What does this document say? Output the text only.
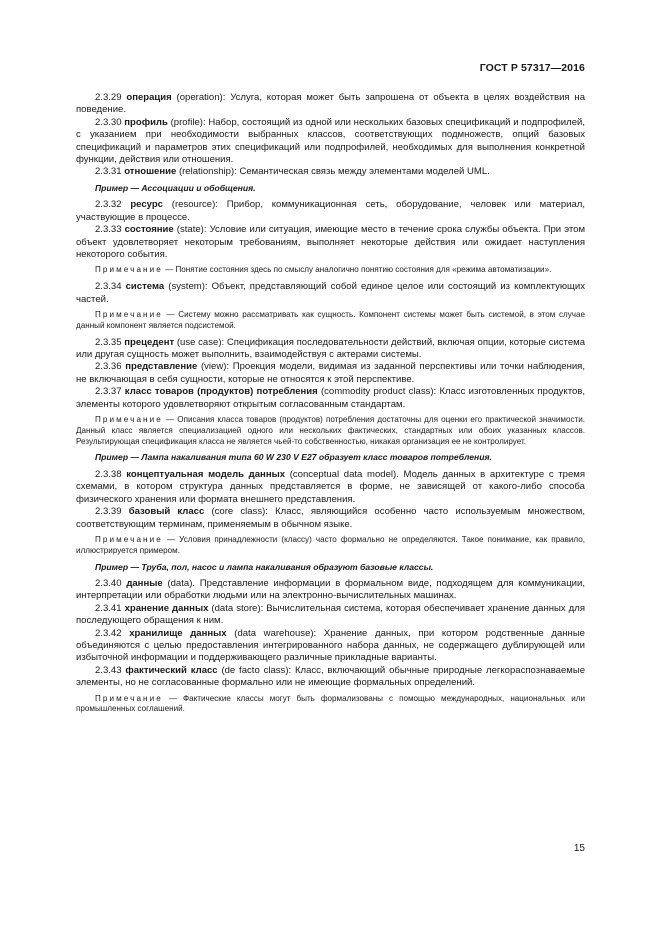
ГОСТ Р 57317—2016

2.3.29 операция (operation): Услуга, которая может быть запрошена от объекта в целях воздействия на поведение.

2.3.30 профиль (profile): Набор, состоящий из одной или нескольких базовых спецификаций и подпрофилей, с указанием при необходимости выбранных классов, соответствующих подмножеств, опций базовых спецификаций и параметров этих спецификаций или подпрофилей, необходимых для выполнения конкретной функции, действия или отношения.

2.3.31 отношение (relationship): Семантическая связь между элементами моделей UML.

Пример — Ассоциации и обобщения.

2.3.32 ресурс (resource): Прибор, коммуникационная сеть, оборудование, человек или материал, участвующие в процессе.

2.3.33 состояние (state): Условие или ситуация, имеющие место в течение срока службы объекта. При этом объект удовлетворяет некоторым требованиям, выполняет некоторые действия или ожидает наступления некоторого события.

Примечание — Понятие состояния здесь по смыслу аналогично понятию состояния для «режима автоматизации».

2.3.34 система (system): Объект, представляющий собой единое целое или состоящий из комплектующих частей.

Примечание — Систему можно рассматривать как сущность. Компонент системы может быть системой, в этом случае данный компонент является подсистемой.

2.3.35 прецедент (use case): Спецификация последовательности действий, включая опции, которые система или другая сущность может выполнить, взаимодействуя с актерами системы.

2.3.36 представление (view): Проекция модели, видимая из заданной перспективы или точки наблюдения, не включающая в себя сущности, которые не относятся к этой перспективе.

2.3.37 класс товаров (продуктов) потребления (commodity product class): Класс изготовленных продуктов, элементы которого удовлетворяют открытым согласованным стандартам.

Примечание — Описания класса товаров (продуктов) потребления достаточны для оценки его практической значимости. Данный класс является специализацией одного или нескольких фактических, стандартных или обоих указанных классов. Результирующая спецификация класса не является чьей-то собственностью, никакая организация ее не контролирует.

Пример — Лампа накаливания типа 60 W 230 V E27 образует класс товаров потребления.

2.3.38 концептуальная модель данных (conceptual data model). Модель данных в архитектуре с тремя схемами, в котором структура данных представляется в форме, не зависящей от какого-либо способа физического хранения или формата внешнего представления.

2.3.39 базовый класс (core class): Класс, являющийся особенно часто используемым множеством, соответствующим терминам, применяемым в обычном языке.

Примечание — Условия принадлежности (классу) часто формально не определяются. Такое понимание, как правило, иллюстрируется примером.

Пример — Труба, пол, насос и лампа накаливания образуют базовые классы.

2.3.40 данные (data). Представление информации в формальном виде, подходящем для коммуникации, интерпретации или обработки людьми или на электронно-вычислительных машинах.

2.3.41 хранение данных (data store): Вычислительная система, которая обеспечивает хранение данных для последующего обращения к ним.

2.3.42 хранилище данных (data warehouse): Хранение данных, при котором родственные данные объединяются с целью предоставления интегрированного набора данных, не содержащего дублирующей или избыточной информации и поддерживающего различные прикладные варианты.

2.3.43 фактический класс (de facto class): Класс, включающий обычные природные легкораспознаваемые элементы, но не согласованные формально или не имеющие формальных определений.

Примечание — Фактические классы могут быть формализованы с помощью международных, национальных или промышленных соглашений.

15
